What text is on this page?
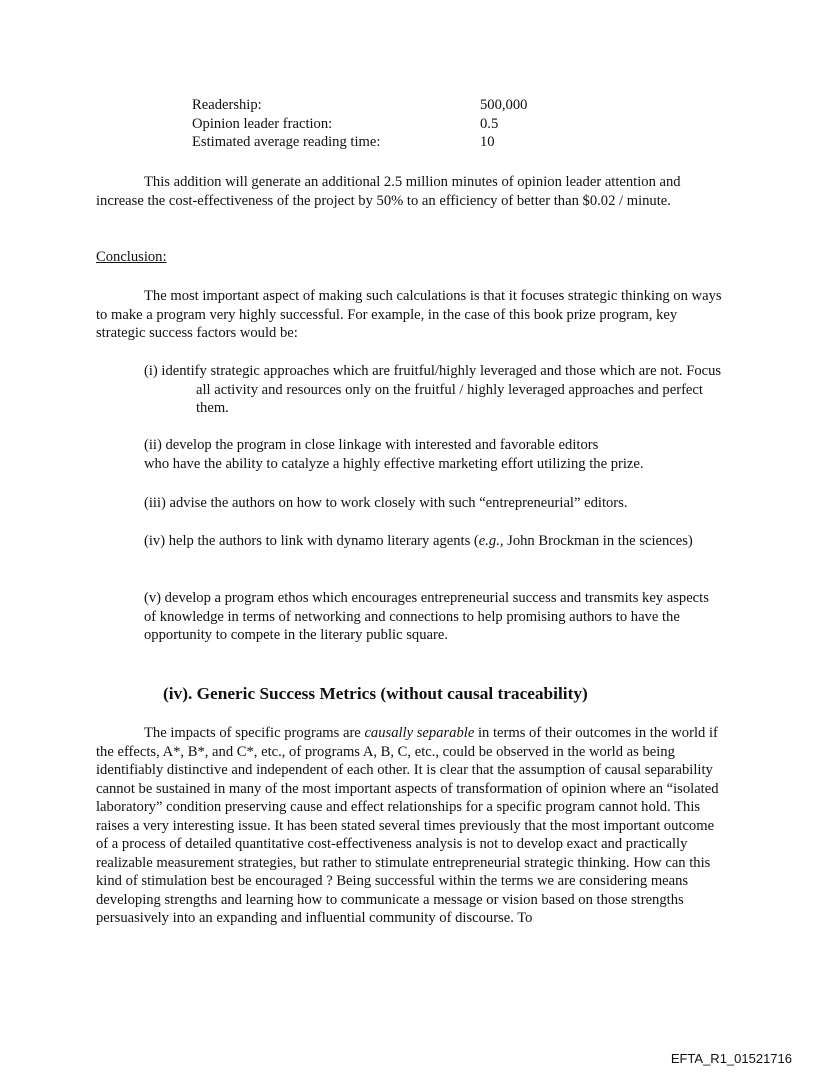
Readership:	500,000
Opinion leader fraction:	0.5
Estimated average reading time:	10

This addition will generate an additional 2.5 million minutes of opinion leader attention and increase the cost-effectiveness of the project by 50% to an efficiency of better than $0.02 / minute.

Conclusion:

The most important aspect of making such calculations is that it focuses strategic thinking on ways to make a program very highly successful. For example, in the case of this book prize program, key strategic success factors would be:

(i) identify strategic approaches which are fruitful/highly leveraged and those which are not. Focus all activity and resources only on the fruitful / highly leveraged approaches and perfect them.

(ii) develop the program in close linkage with interested and favorable editors
who have the ability to catalyze a highly effective marketing effort utilizing the prize.

(iii) advise the authors on how to work closely with such “entrepreneurial” editors.

(iv) help the authors to link with dynamo literary agents (e.g., John Brockman in the sciences)

(v) develop a program ethos which encourages entrepreneurial success and transmits key aspects of knowledge in terms of networking and connections to help promising authors to have the opportunity to compete in the literary public square.

(iv). Generic Success Metrics (without causal traceability)

The impacts of specific programs are causally separable in terms of their outcomes in the world if the effects, A*, B*, and C*, etc., of programs A, B, C, etc., could be observed in the world as being identifiably distinctive and independent of each other. It is clear that the assumption of causal separability cannot be sustained in many of the most important aspects of transformation of opinion where an “isolated laboratory” condition preserving cause and effect relationships for a specific program cannot hold. This raises a very interesting issue. It has been stated several times previously that the most important outcome of a process of detailed quantitative cost-effectiveness analysis is not to develop exact and practically realizable measurement strategies, but rather to stimulate entrepreneurial strategic thinking. How can this kind of stimulation best be encouraged ? Being successful within the terms we are considering means developing strengths and learning how to communicate a message or vision based on those strengths persuasively into an expanding and influential community of discourse. To

EFTA_R1_01521716
